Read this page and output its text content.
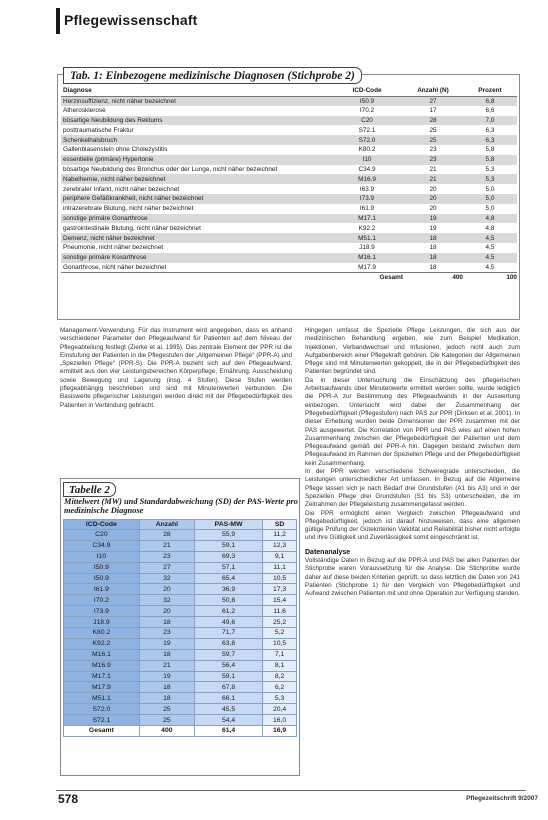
Pflegewissenschaft
Tab. 1: Einbezogene medizinische Diagnosen (Stichprobe 2)
Diagnose	ICD-Code	Anzahl (N)	Prozent
Herzinsuffizienz, nicht näher bezeichnet	I50.9	27	6,8
Atherosklerose	I70.2	17	6,6
bösartige Neubildung des Rektums	C20	28	7,0
posttraumatische Fraktur	S72.1	25	6,3
Schenkelhalsbruch	S72.0	25	6,3
Gallenblasenstein ohne Cholezystitis	K80.2	23	5,8
essentielle (primäre) Hypertonie	I10	23	5,8
bösartige Neubildung des Bronchus oder der Lunge, nicht näher bezeichnet	C34.9	21	5,3
Nabelhernie, nicht näher bezeichnet	M16.9	21	5,3
zerebraler Infarkt, nicht näher bezeichnet	I63.9	20	5,0
periphere Gefäßkrankheit, nicht näher bezeichnet	I73.9	20	5,0
intrazerebrale Blutung, nicht näher bezeichnet	I61.9	20	5,0
sonstige primäre Gonarthrose	M17.1	19	4,8
gastrointestinale Blutung, nicht näher bezeichnet	K92.2	19	4,8
Demenz, nicht näher bezeichnet	M51.1	18	4,5
Pneumonie, nicht näher bezeichnet	J18.9	18	4,5
sonstige primäre Koxarthrose	M16.1	18	4,5
Gonarthrose, nicht näher bezeichnet	M17.9	18	4,5
	Gesamt	400	100

Management-Verwendung. Für das Instrument wird angegeben, dass es anhand verschiedener Parameter den Pflegeaufwand für Patienten auf dem Niveau der Pflegeabteilung festlegt (Zierke et al. 1995). Das zentrale Element der PPR ist die Einstufung der Patienten in die Pflegestufen der „Allgemeinen Pflege“ (PPR-A) und „Speziellen Pflege“ (PPR-S). Die PPR-A bezieht sich auf den Pflegeaufwand, ermittelt aus den vier Leistungsbereichen Körperpflege, Ernährung, Ausscheidung sowie Bewegung und Lagerung (insg. 4 Stufen). Diese Stufen werden pflegeabhängig beschrieben und sind mit Minutenwerten verbunden. Die Basiswerte pflegerischer Leistungen werden direkt mit der Pflegebedürftigkeit des Patienten in Verbindung gebracht.

Hingegen umfasst die Spezielle Pflege Leistungen, die sich aus der medizinischen Behandlung ergeben, wie zum Beispiel Medikation, Injektionen, Verbandwechsel und Infusionen, jedoch nicht auch zum Aufgabenbereich einer Pflegekraft gehören. Die Kategorien der Allgemeinen Pflege sind mit Minutenwerten gekoppelt, die in der Pflegebedürftigkeit des Patienten begründet sind.

Da in dieser Untersuchung die Einschätzung des pflegerischen Arbeitsaufwands über Minutenwerte ermittelt werden sollte, wurde lediglich die PPR-A zur Bestimmung des Pflegeaufwands in der Auswertung einbezogen. Untersucht wird dabei der Zusammenhang der Pflegebedürftigkeit (Pflegestufen) nach PAS zur PPR (Dirksen et al. 2001). In dieser Erhebung wurden beide Dimensionen der PPR zusammen mit der PAS ausgewertet. Die Korrelation von PPR und PAS wies auf einen hohen Zusammenhang zwischen der Pflegebedürftigkeit der Patienten und dem Pflegeaufwand gemäß der PPR-A hin. Dagegen bestand zwischen dem Pflegeaufwand im Rahmen der Speziellen Pflege und der Pflegebedürftigkeit kein Zusammenhang.

In der PPR werden verschiedene Schweregrade unterschieden, die Leistungen unterschiedlicher Art umfassen. In Bezug auf die Allgemeine Pflege lassen sich je nach Bedarf drei Grundstufen (A1 bis A3) und in der Speziellen Pflege drei Grundstufen (S1 bis S3) unterscheiden, die im Zeitrahmen der Pflegeleistung zusammengefasst werden.

Die PPR ermöglicht einen Vergleich zwischen Pflegeaufwand und Pflegebedürftigkeit, jedoch ist darauf hinzuweisen, dass eine allgemein gültige Prüfung der Gütekriterien Validität und Reliabilität bisher nicht erfolgte und ihre Gültigkeit und Zuverlässigkeit somit eingeschränkt ist.

Datenanalyse

Vollständige Daten in Bezug auf die PPR-A und PAS bei allen Patienten der Stichprobe waren Voraussetzung für die Analyse. Die Stichprobe wurde daher auf diese beiden Kriterien geprüft, so dass letztlich die Daten von 241 Patienten (Stichprobe 1) für den Vergleich von Pflegebedürftigkeit und Aufwand zwischen Patienten mit und ohne Operation zur Verfügung standen.

Tabelle 2
Mittelwert (MW) und Standardabweichung (SD) der PAS-Werte pro medizinische Diagnose
ICD-Code	Anzahl	PAS-MW	SD
C20	28	55,9	11,2
C34.9	21	59,1	12,3
I10	23	69,3	9,1
I50.9	27	57,1	11,1
I50.9	32	65,4	10,5
I61.9	20	36,9	17,3
I70.2	32	50,8	15,4
I73.9	20	61,2	11,6
J18.9	18	49,6	25,2
K80.2	23	71,7	5,2
K92.2	19	63,8	10,5
M16.1	18	59,7	7,1
M16.9	21	56,4	8,1
M17.1	19	59,1	8,2
M17.9	18	67,8	6,2
M51.1	18	66,1	5,3
S72.0	25	45,5	20,4
S72.1	25	54,4	16,0
Gesamt	400	61,4	16,9
578	Pflegezeitschrift 9/2007
